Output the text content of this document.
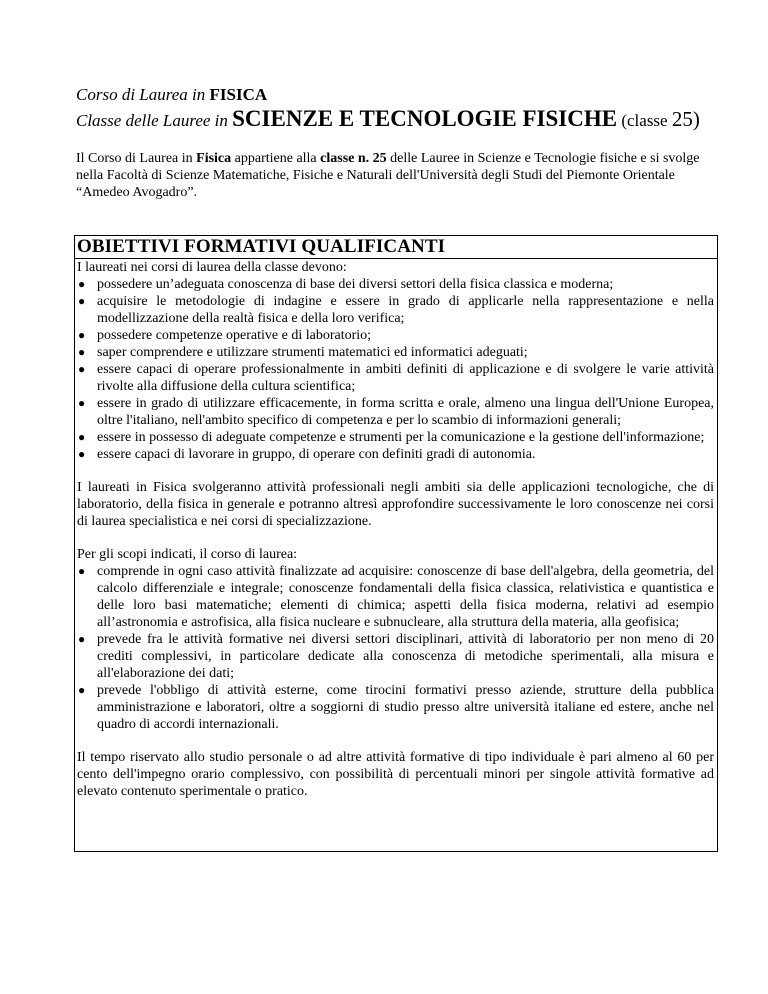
Corso di Laurea in FISICA
Classe delle Lauree in SCIENZE E TECNOLOGIE FISICHE (classe 25)
Il Corso di Laurea in Fisica appartiene alla classe n. 25 delle Lauree in Scienze e Tecnologie fisiche e si svolge nella Facoltà di Scienze Matematiche, Fisiche e Naturali dell'Università degli Studi del Piemonte Orientale “Amedeo Avogadro”.
OBIETTIVI FORMATIVI QUALIFICANTI

I laureati nei corsi di laurea della classe devono:

● possedere un’adeguata conoscenza di base dei diversi settori della fisica classica e moderna;
● acquisire le metodologie di indagine e essere in grado di applicarle nella rappresentazione e nella modellizzazione della realtà fisica e della loro verifica;
● possedere competenze operative e di laboratorio;
● saper comprendere e utilizzare strumenti matematici ed informatici adeguati;
● essere capaci di operare professionalmente in ambiti definiti di applicazione e di svolgere le varie attività rivolte alla diffusione della cultura scientifica;
● essere in grado di utilizzare efficacemente, in forma scritta e orale, almeno una lingua dell'Unione Europea, oltre l'italiano, nell'ambito specifico di competenza e per lo scambio di informazioni generali;
● essere in possesso di adeguate competenze e strumenti per la comunicazione e la gestione dell'informazione;
● essere capaci di lavorare in gruppo, di operare con definiti gradi di autonomia.

I laureati in Fisica svolgeranno attività professionali negli ambiti sia delle applicazioni tecnologiche, che di laboratorio, della fisica in generale e potranno altresì approfondire successivamente le loro conoscenze nei corsi di laurea specialistica e nei corsi di specializzazione.

Per gli scopi indicati, il corso di laurea:

● comprende in ogni caso attività finalizzate ad acquisire: conoscenze di base dell'algebra, della geometria, del calcolo differenziale e integrale; conoscenze fondamentali della fisica classica, relativistica e quantistica e delle loro basi matematiche; elementi di chimica; aspetti della fisica moderna, relativi ad esempio all’astronomia e astrofisica, alla fisica nucleare e subnucleare, alla struttura della materia, alla geofisica;
● prevede fra le attività formative nei diversi settori disciplinari, attività di laboratorio per non meno di 20 crediti complessivi, in particolare dedicate alla conoscenza di metodiche sperimentali, alla misura e all'elaborazione dei dati;
● prevede l'obbligo di attività esterne, come tirocini formativi presso aziende, strutture della pubblica amministrazione e laboratori, oltre a soggiorni di studio presso altre università italiane ed estere, anche nel quadro di accordi internazionali.

Il tempo riservato allo studio personale o ad altre attività formative di tipo individuale è pari almeno al 60 per cento dell'impegno orario complessivo, con possibilità di percentuali minori per singole attività formative ad elevato contenuto sperimentale o pratico.
